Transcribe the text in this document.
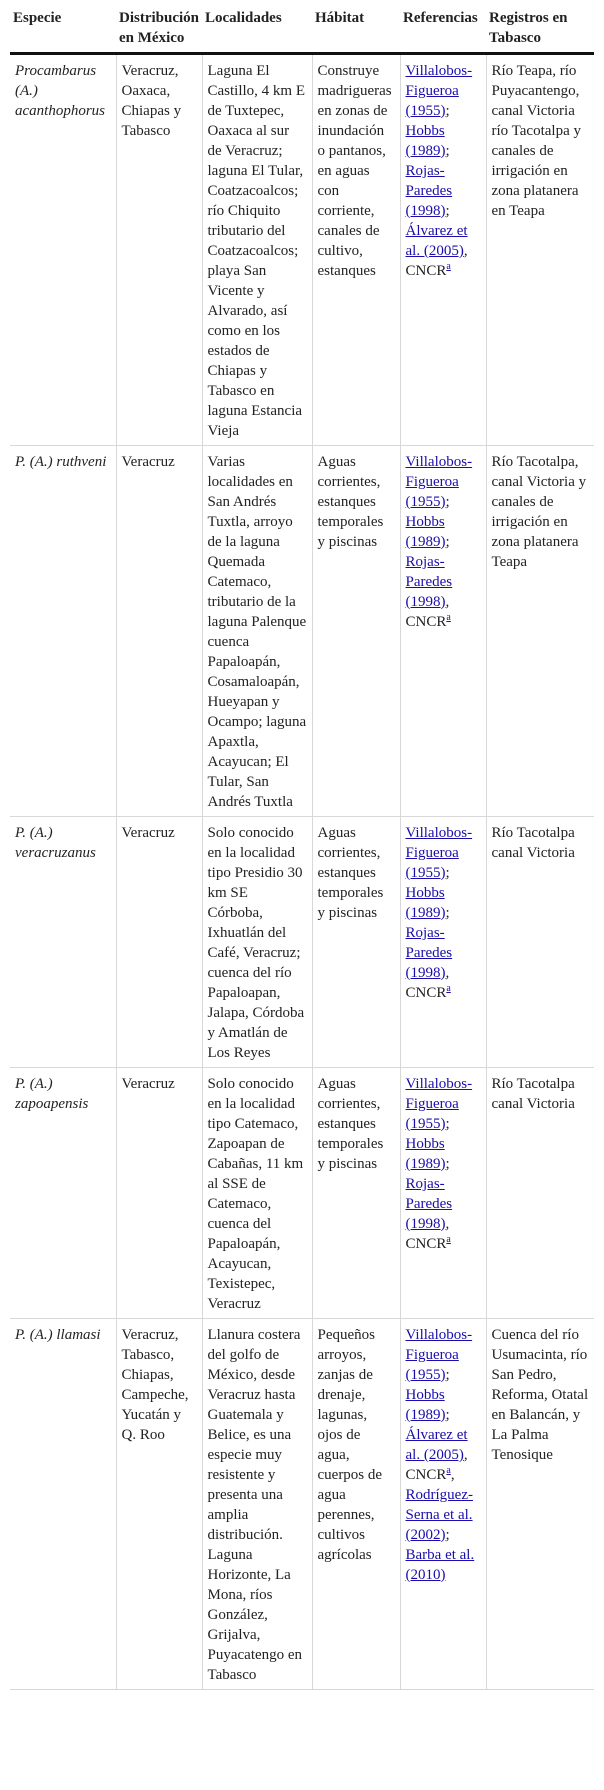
Especie	Distribución en México	Localidades	Hábitat	Referencias	Registros en Tabasco
Procambarus (A.) acanthophorus	Veracruz, Oaxaca, Chiapas y Tabasco	Laguna El Castillo, 4 km E de Tuxtepec, Oaxaca al sur de Veracruz; laguna El Tular, Coatzacoalcos; río Chiquito tributario del Coatzacoalcos; playa San Vicente y Alvarado, así como en los estados de Chiapas y Tabasco en laguna Estancia Vieja	Construye madrigueras en zonas de inundación o pantanos, en aguas con corriente, canales de cultivo, estanques	Villalobos-Figueroa (1955); Hobbs (1989); Rojas-Paredes (1998); Álvarez et al. (2005), CNCR$^a$	Río Teapa, río Puyacantengo, canal Victoria río Tacotalpa y canales de irrigación en zona platanera en Teapa
P. (A.) ruthveni	Veracruz	Varias localidades en San Andrés Tuxtla, arroyo de la laguna Quemada Catemaco, tributario de la laguna Palenque cuenca Papaloapán, Cosamaloapán, Hueyapan y Ocampo; laguna Apaxtla, Acayucan; El Tular, San Andrés Tuxtla	Aguas corrientes, estanques temporales y piscinas	Villalobos-Figueroa (1955); Hobbs (1989); Rojas-Paredes (1998), CNCR$^a$	Río Tacotalpa, canal Victoria y canales de irrigación en zona platanera Teapa
P. (A.) veracruzanus	Veracruz	Solo conocido en la localidad tipo Presidio 30 km SE Córboba, Ixhuatlán del Café, Veracruz; cuenca del río Papaloapan, Jalapa, Córdoba y Amatlán de Los Reyes	Aguas corrientes, estanques temporales y piscinas	Villalobos-Figueroa (1955); Hobbs (1989); Rojas-Paredes (1998), CNCR$^a$	Río Tacotalpa canal Victoria
P. (A.) zapoapensis	Veracruz	Solo conocido en la localidad tipo Catemaco, Zapoapan de Cabañas, 11 km al SSE de Catemaco, cuenca del Papaloapán, Acayucan, Texistepec, Veracruz	Aguas corrientes, estanques temporales y piscinas	Villalobos-Figueroa (1955); Hobbs (1989); Rojas-Paredes (1998), CNCR$^a$	Río Tacotalpa canal Victoria
P. (A.) llamasi	Veracruz, Tabasco, Chiapas, Campeche, Yucatán y Q. Roo	Llanura costera del golfo de México, desde Veracruz hasta Guatemala y Belice, es una especie muy resistente y presenta una amplia distribución. Laguna Horizonte, La Mona, ríos González, Grijalva, Puyacatengo en Tabasco	Pequeños arroyos, zanjas de drenaje, lagunas, ojos de agua, cuerpos de agua perennes, cultivos agrícolas	Villalobos-Figueroa (1955); Hobbs (1989); Álvarez et al. (2005), CNCR$^a$, Rodríguez-Serna et al. (2002); Barba et al. (2010)	Cuenca del río Usumacinta, río San Pedro, Reforma, Otatal en Balancán, y La Palma Tenosique
